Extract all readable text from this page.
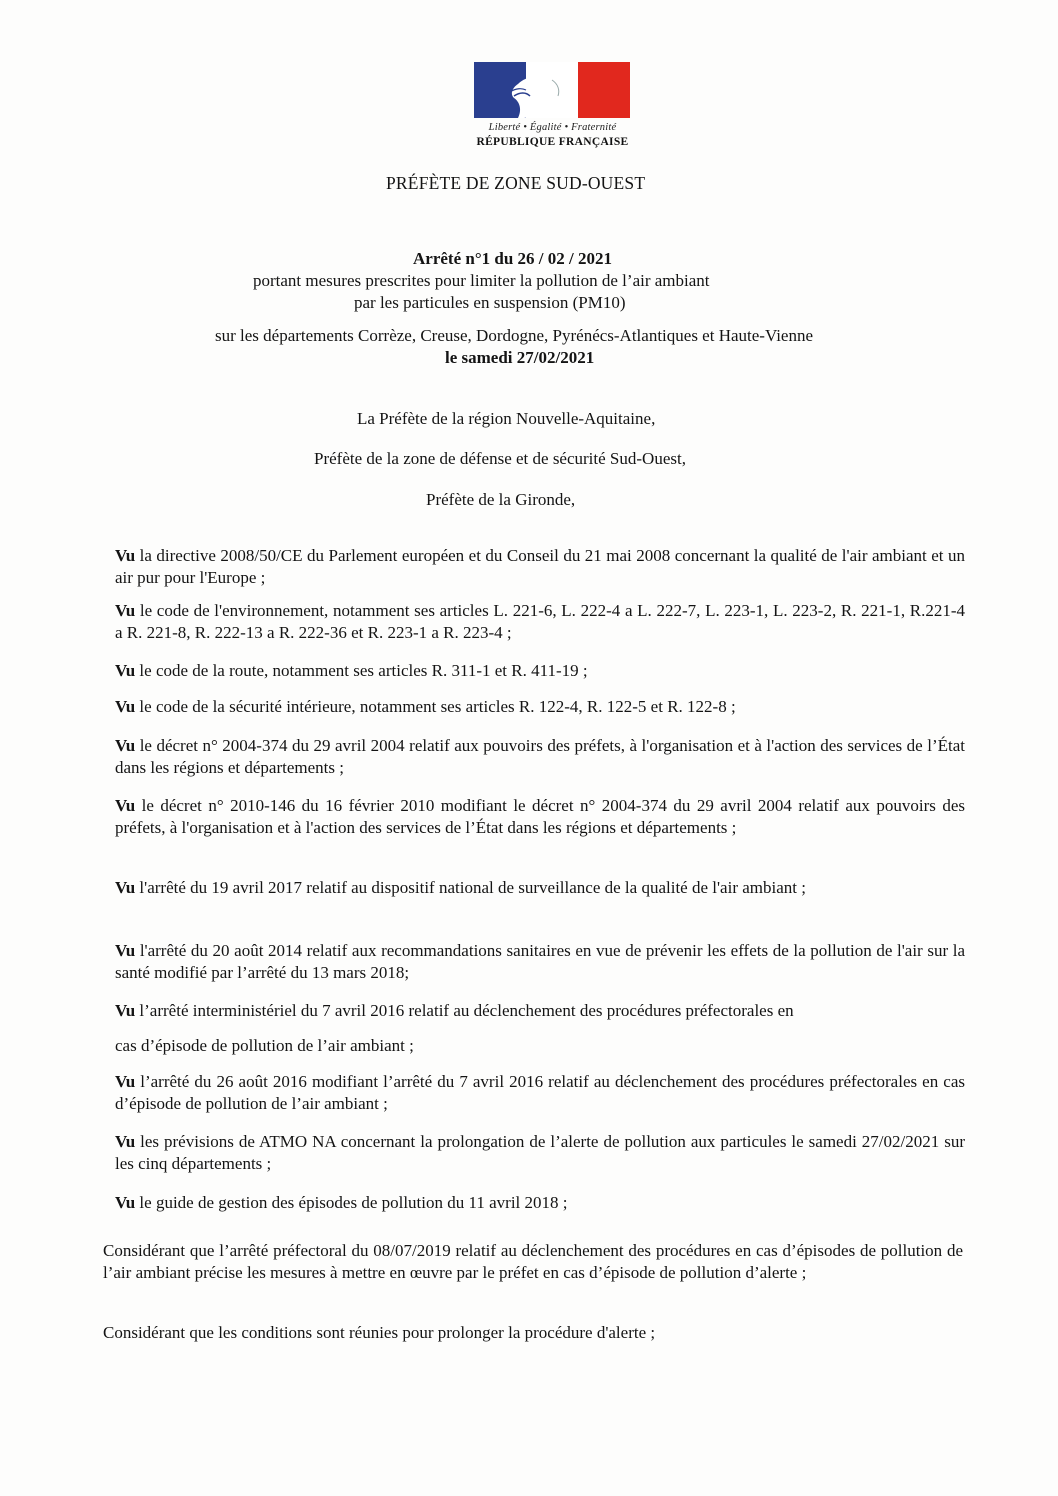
Liberté • Égalité • Fraternité
RÉPUBLIQUE FRANÇAISE
PRÉFÈTE DE ZONE SUD-OUEST
Arrêté n°1 du 26 / 02 / 2021
portant mesures prescrites pour limiter la pollution de l’air ambiant
par les particules en suspension (PM10)
sur les départements Corrèze, Creuse, Dordogne, Pyrénécs-Atlantiques et Haute-Vienne
le samedi 27/02/2021
La Préfète de la région Nouvelle-Aquitaine,
Préfète de la zone de défense et de sécurité Sud-Ouest,
Préfète de la Gironde,
Vu la directive 2008/50/CE du Parlement européen et du Conseil du 21 mai 2008 concernant la qualité de l'air ambiant et un air pur pour l'Europe ;
Vu le code de l'environnement, notamment ses articles L. 221-6, L. 222-4 a L. 222-7, L. 223-1, L. 223-2, R. 221-1, R.221-4 a R. 221-8, R. 222-13 a R. 222-36 et R. 223-1 a R. 223-4 ;
Vu le code de la route, notamment ses articles R. 311-1 et R. 411-19 ;
Vu le code de la sécurité intérieure, notamment ses articles R. 122-4, R. 122-5 et R. 122-8 ;
Vu le décret n° 2004-374 du 29 avril 2004 relatif aux pouvoirs des préfets, à l'organisation et à l'action des services de l’État dans les régions et départements ;
Vu le décret n° 2010-146 du 16 février 2010 modifiant le décret n° 2004-374 du 29 avril 2004 relatif aux pouvoirs des préfets, à l'organisation et à l'action des services de l’État dans les régions et départements ;
Vu l'arrêté du 19 avril 2017 relatif au dispositif national de surveillance de la qualité de l'air ambiant ;
Vu l'arrêté du 20 août 2014 relatif aux recommandations sanitaires en vue de prévenir les effets de la pollution de l'air sur la santé modifié par l’arrêté du 13 mars 2018;
Vu l’arrêté interministériel du 7 avril 2016 relatif au déclenchement des procédures préfectorales en
cas d’épisode de pollution de l’air ambiant ;
Vu l’arrêté du 26 août 2016 modifiant l’arrêté du 7 avril 2016 relatif au déclenchement des procédures préfectorales en cas d’épisode de pollution de l’air ambiant ;
Vu les prévisions de ATMO NA concernant la prolongation de l’alerte de pollution aux particules le samedi 27/02/2021 sur les cinq départements ;
Vu le guide de gestion des épisodes de pollution du 11 avril 2018 ;
Considérant que l’arrêté préfectoral du 08/07/2019 relatif au déclenchement des procédures en cas d’épisodes de pollution de l’air ambiant précise les mesures à mettre en œuvre par le préfet en cas d’épisode de pollution d’alerte ;
Considérant que les conditions sont réunies pour prolonger la procédure d'alerte ;
